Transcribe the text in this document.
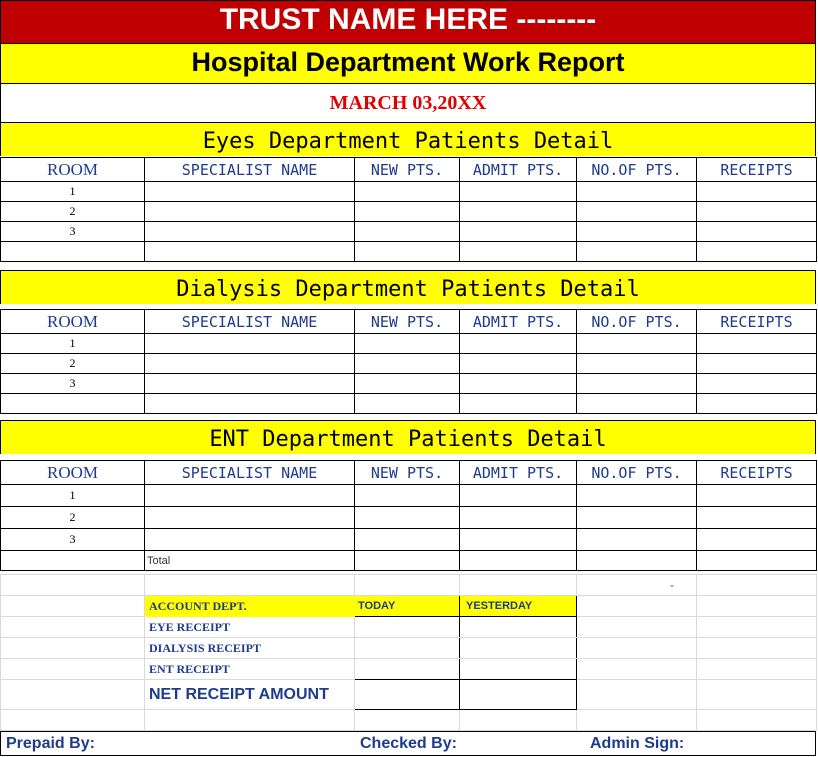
TRUST NAME HERE --------
Hospital Department Work Report
MARCH 03,20XX
Eyes Department Patients Detail
ROOM	SPECIALIST NAME	NEW PTS.	ADMIT PTS.	NO.OF PTS.	RECEIPTS
1					
2					
3					

Dialysis Department Patients Detail
ROOM	SPECIALIST NAME	NEW PTS.	ADMIT PTS.	NO.OF PTS.	RECEIPTS
1					
2					
3					

ENT Department Patients Detail
ROOM	SPECIALIST NAME	NEW PTS.	ADMIT PTS.	NO.OF PTS.	RECEIPTS
1					
2					
3					
	Total				
				-	
	ACCOUNT DEPT.	TODAY	YESTERDAY		
	EYE RECEIPT				
	DIALYSIS RECEIPT				
	ENT RECEIPT				
	NET RECEIPT AMOUNT				

Prepaid By:	Checked By:	Admin Sign:
